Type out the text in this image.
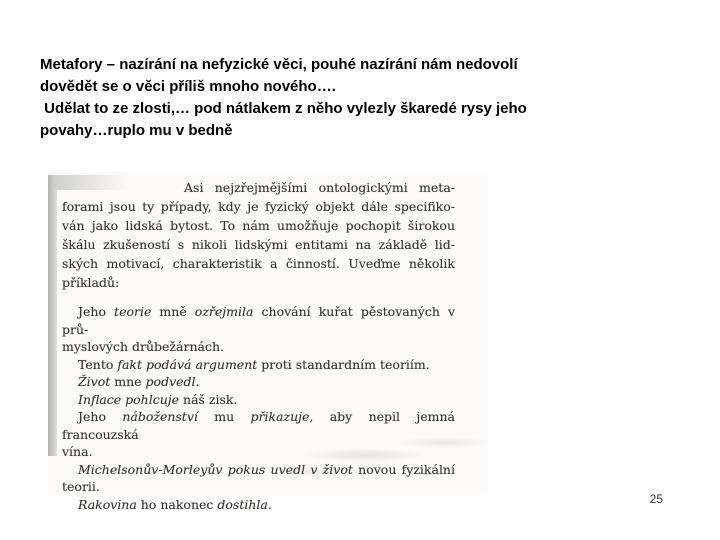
Metafory – nazírání na nefyzické věci, pouhé nazírání nám nedovolí
dovědět se o věci příliš mnoho nového….
Udělat to ze zlosti,… pod nátlakem z něho vylezly škaredé rysy jeho
povahy…ruplo mu v bedně
Asi nejzřejmějšími ontologickými meta-
forami jsou ty případy, kdy je fyzický objekt dále specifiko-
ván jako lidská bytost. To nám umožňuje pochopit širokou
škálu zkušeností s nikoli lidskými entitami na základě lid-
ských motivací, charakteristik a činností. Uveďme několik
příkladů:
Jeho teorie mně ozřejmila chování kuřat pěstovaných v prů-
myslových drůbežárnách.
Tento fakt podává argument proti standardním teoriím.
Život mne podvedl.
Inflace pohlcuje náš zisk.
Jeho náboženství mu přikazuje, aby nepil jemná francouzská
vína.
Michelsonův-Morleyův pokus uvedl v život novou fyzikální
teorii.
Rakovina ho nakonec dostihla.	25
